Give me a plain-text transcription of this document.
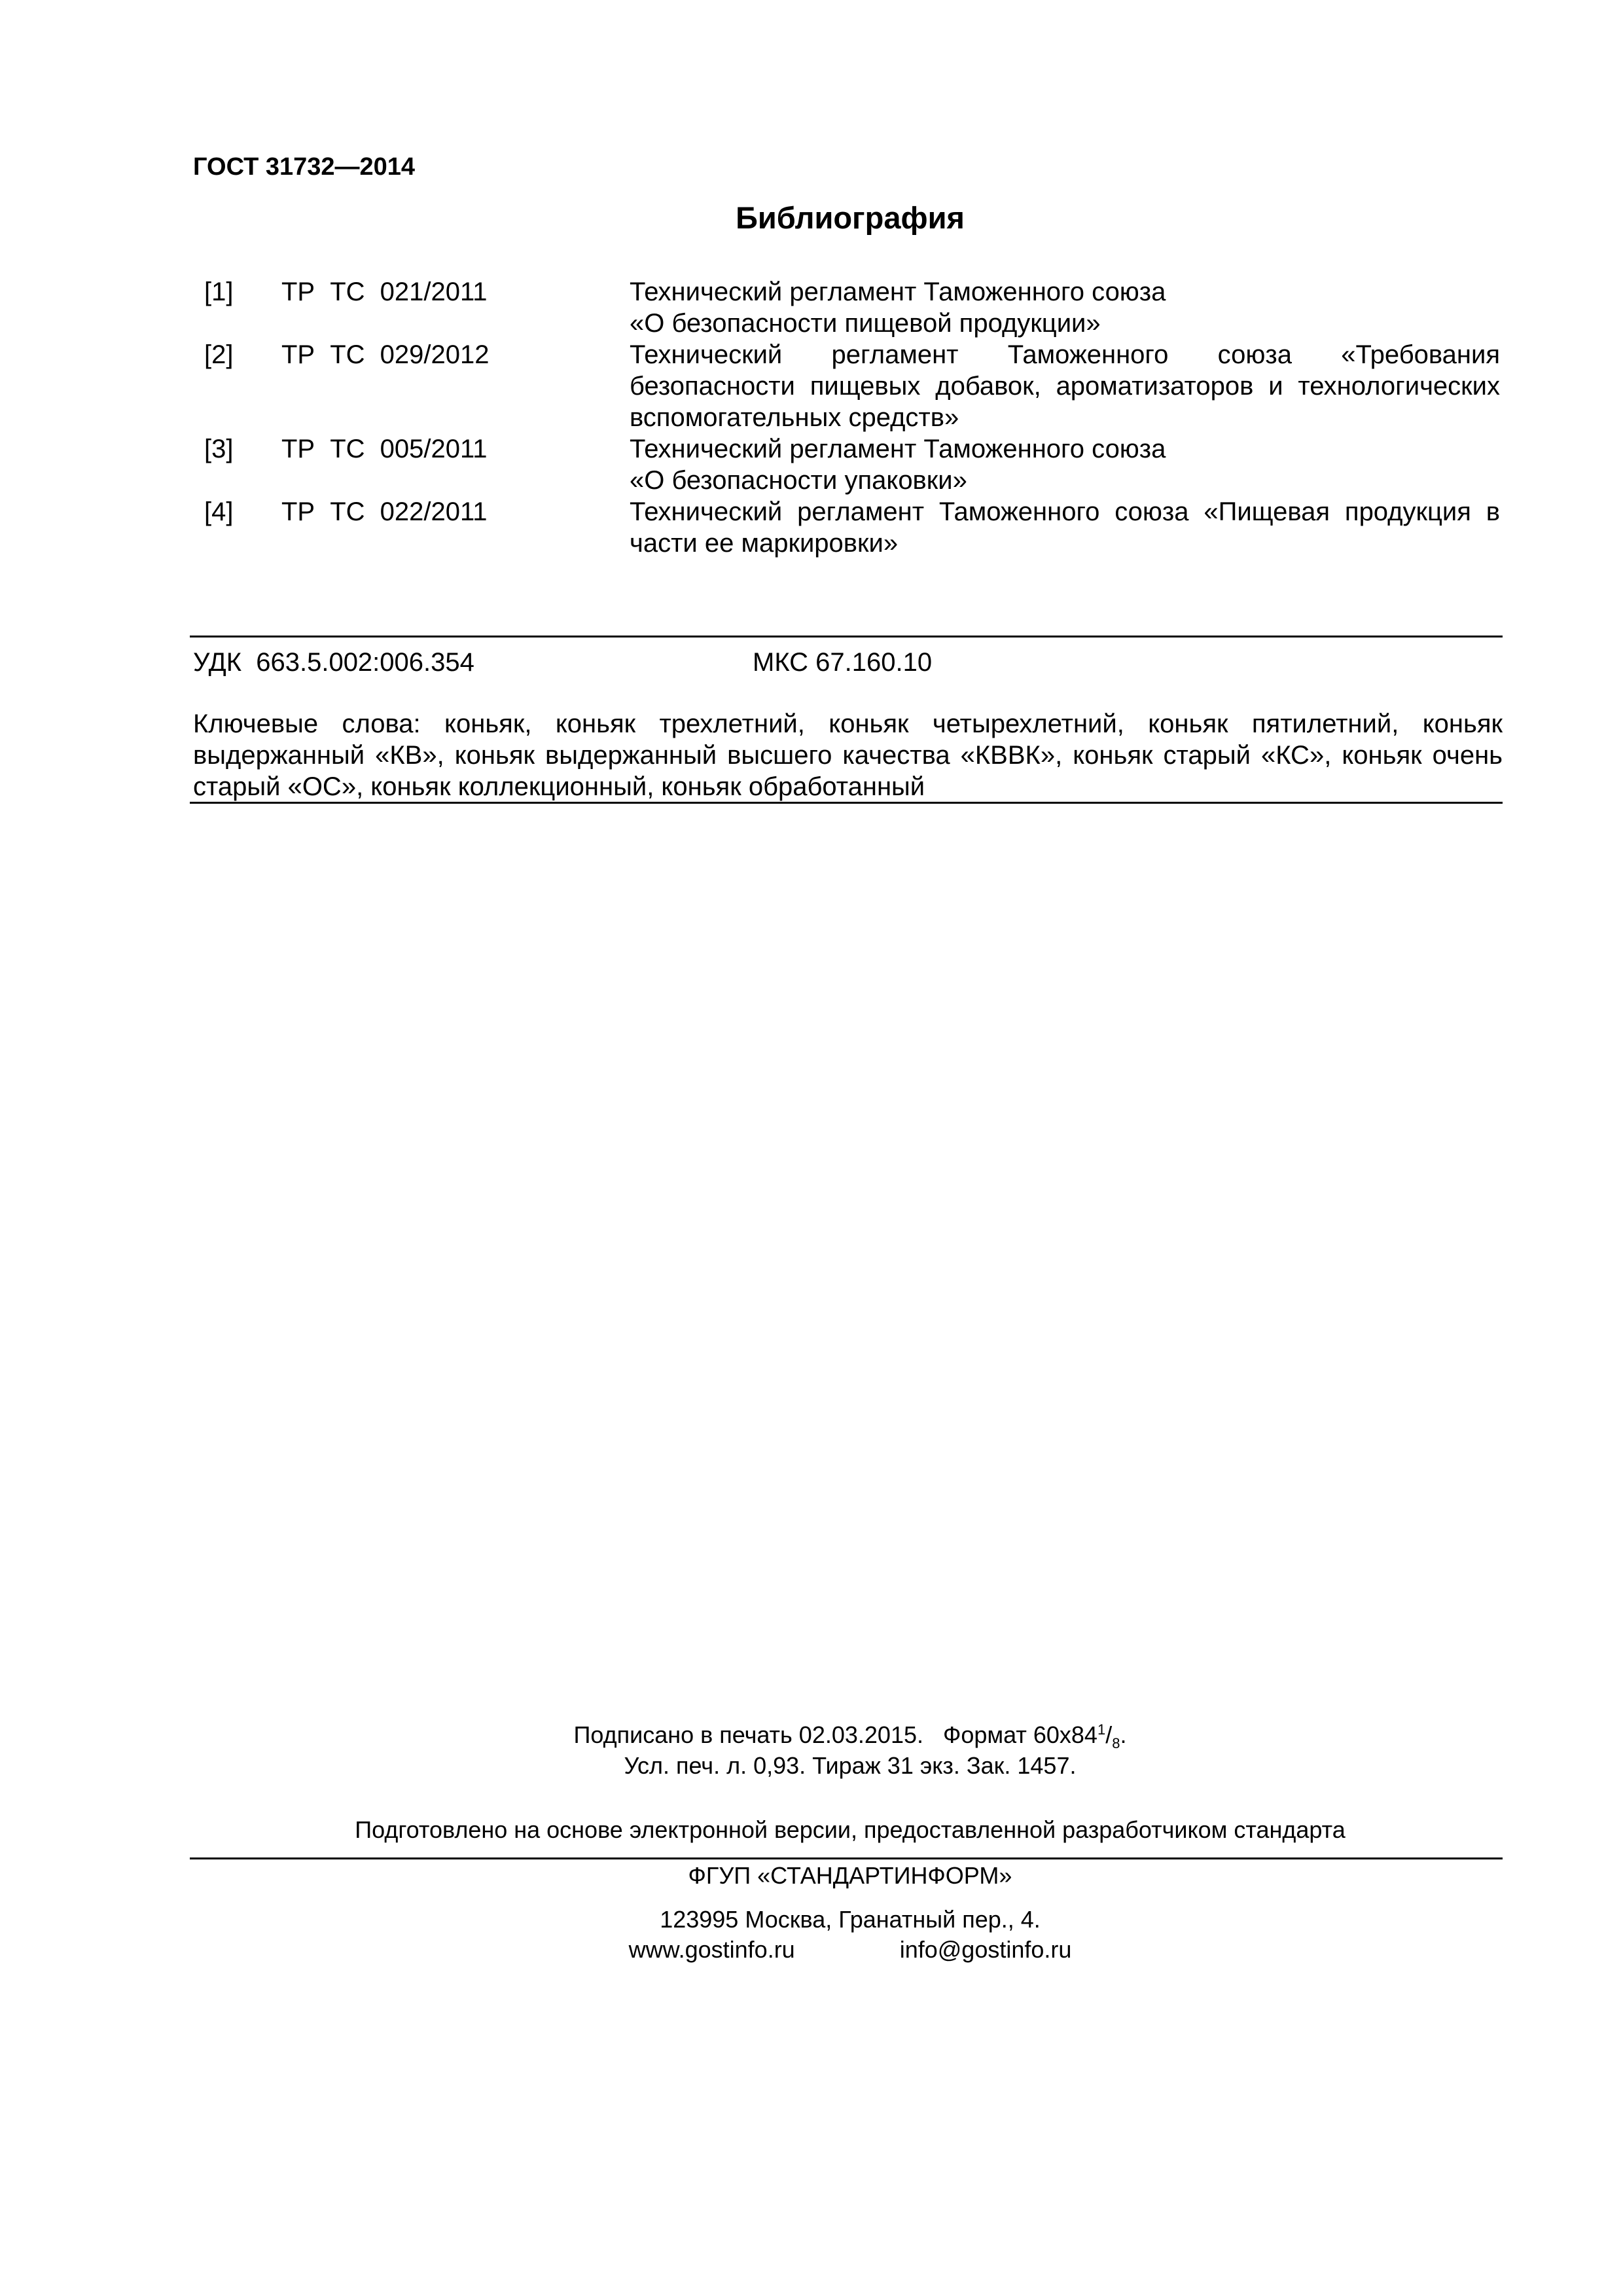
ГОСТ 31732—2014
Библиография
[1] ТР ТС 021/2011	Технический регламент Таможенного союза
«О безопасности пищевой продукции»
[2] ТР ТС 029/2012	Технический регламент Таможенного союза «Требования безопасности пищевых добавок, ароматизаторов и технологических вспомогательных средств»
[3] ТР ТС 005/2011	Технический регламент Таможенного союза
«О безопасности упаковки»
[4] ТР ТС 022/2011	Технический регламент Таможенного союза «Пищевая продукция в части ее маркировки»
УДК  663.5.002:006.354	МКС 67.160.10
Ключевые слова: коньяк, коньяк трехлетний, коньяк четырехлетний, коньяк пятилетний, коньяк выдержанный «КВ», коньяк выдержанный высшего качества «КВВК», коньяк старый «КС», коньяк очень старый «ОС», коньяк коллекционный, коньяк обработанный
Подписано в печать 02.03.2015.   Формат $60x84^1/_8$.
Усл. печ. л. 0,93. Тираж 31 экз. Зак. 1457.
Подготовлено на основе электронной версии, предоставленной разработчиком стандарта
ФГУП «СТАНДАРТИНФОРМ»
123995 Москва, Гранатный пер., 4.
www.gostinfo.ru	info@gostinfo.ru
